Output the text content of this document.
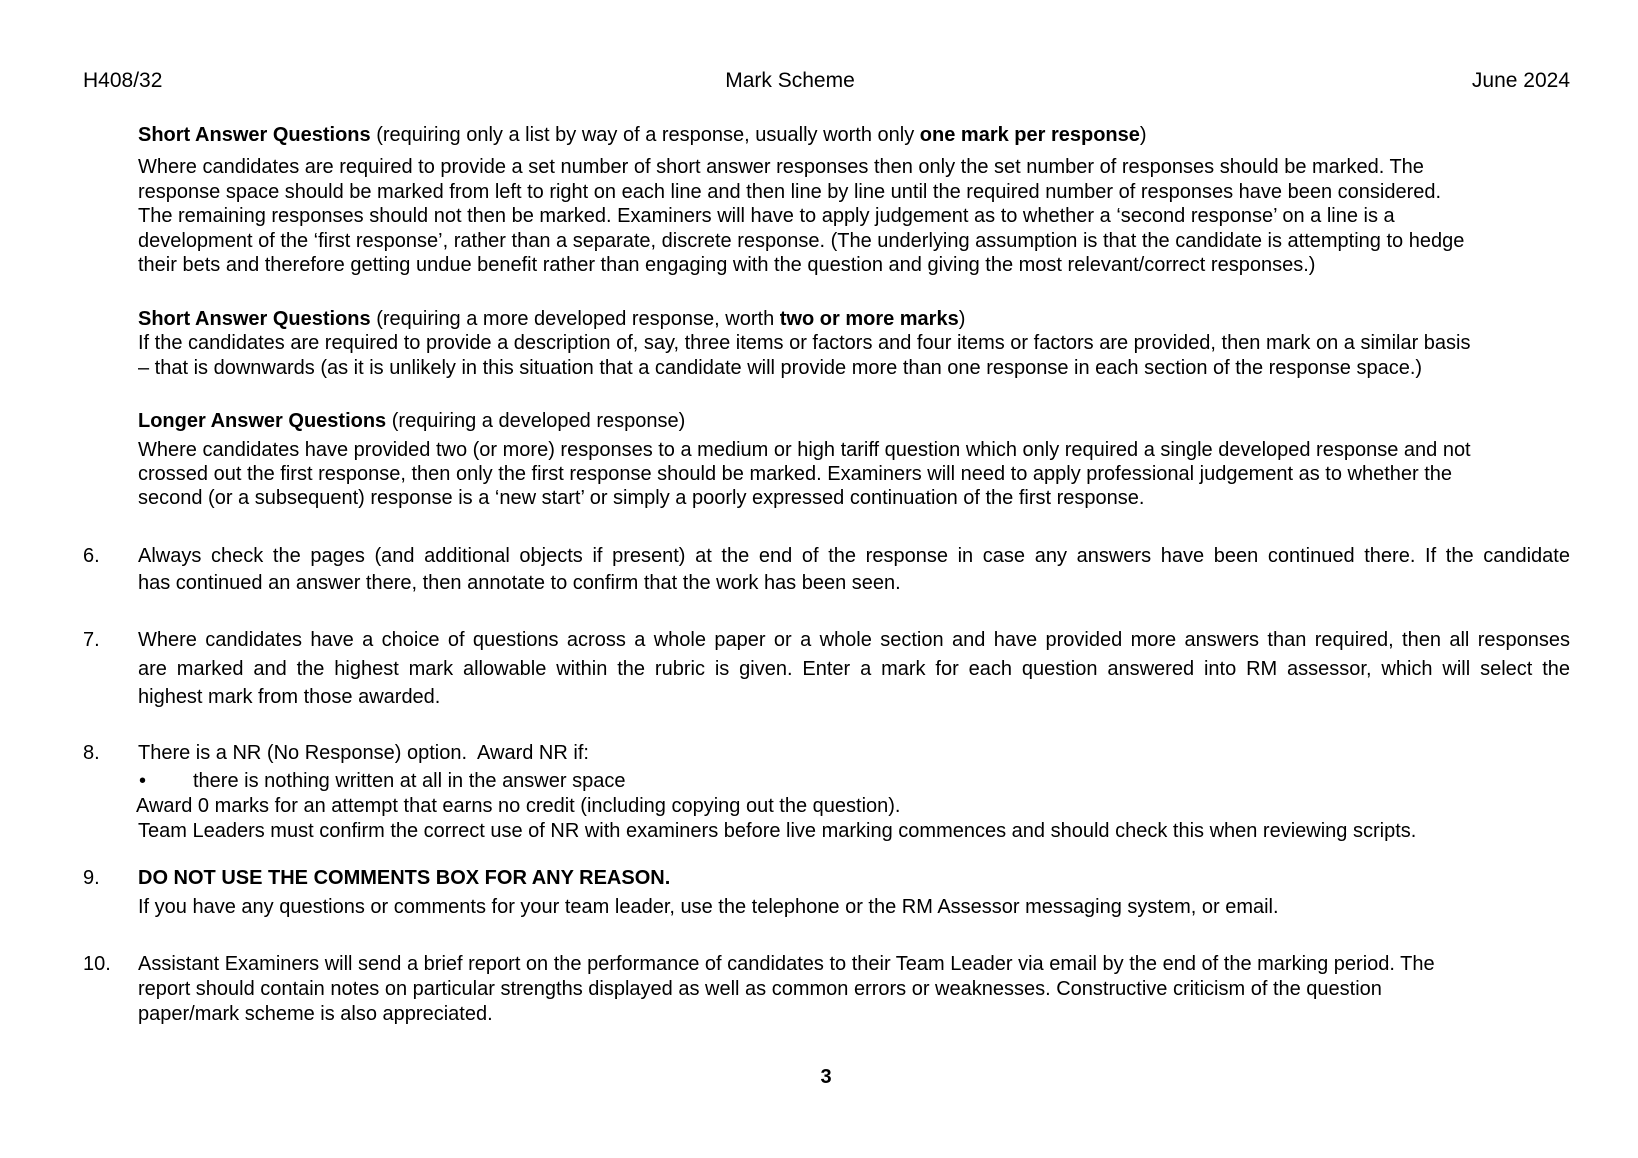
H408/32	Mark Scheme	June 2024
Short Answer Questions (requiring only a list by way of a response, usually worth only one mark per response)
Where candidates are required to provide a set number of short answer responses then only the set number of responses should be marked. The
response space should be marked from left to right on each line and then line by line until the required number of responses have been considered.
The remaining responses should not then be marked. Examiners will have to apply judgement as to whether a ‘second response’ on a line is a
development of the ‘first response’, rather than a separate, discrete response. (The underlying assumption is that the candidate is attempting to hedge
their bets and therefore getting undue benefit rather than engaging with the question and giving the most relevant/correct responses.)
Short Answer Questions (requiring a more developed response, worth two or more marks)
If the candidates are required to provide a description of, say, three items or factors and four items or factors are provided, then mark on a similar basis
– that is downwards (as it is unlikely in this situation that a candidate will provide more than one response in each section of the response space.)
Longer Answer Questions (requiring a developed response)
Where candidates have provided two (or more) responses to a medium or high tariff question which only required a single developed response and not
crossed out the first response, then only the first response should be marked. Examiners will need to apply professional judgement as to whether the
second (or a subsequent) response is a ‘new start’ or simply a poorly expressed continuation of the first response.
6. Always check the pages (and additional objects if present) at the end of the response in case any answers have been continued there. If the candidate
has continued an answer there, then annotate to confirm that the work has been seen.
7. Where candidates have a choice of questions across a whole paper or a whole section and have provided more answers than required, then all responses
are marked and the highest mark allowable within the rubric is given. Enter a mark for each question answered into RM assessor, which will select the
highest mark from those awarded.
8. There is a NR (No Response) option.  Award NR if:
• there is nothing written at all in the answer space
Award 0 marks for an attempt that earns no credit (including copying out the question).
Team Leaders must confirm the correct use of NR with examiners before live marking commences and should check this when reviewing scripts.
9. DO NOT USE THE COMMENTS BOX FOR ANY REASON.
If you have any questions or comments for your team leader, use the telephone or the RM Assessor messaging system, or email.
10. Assistant Examiners will send a brief report on the performance of candidates to their Team Leader via email by the end of the marking period. The
report should contain notes on particular strengths displayed as well as common errors or weaknesses. Constructive criticism of the question
paper/mark scheme is also appreciated.
3
